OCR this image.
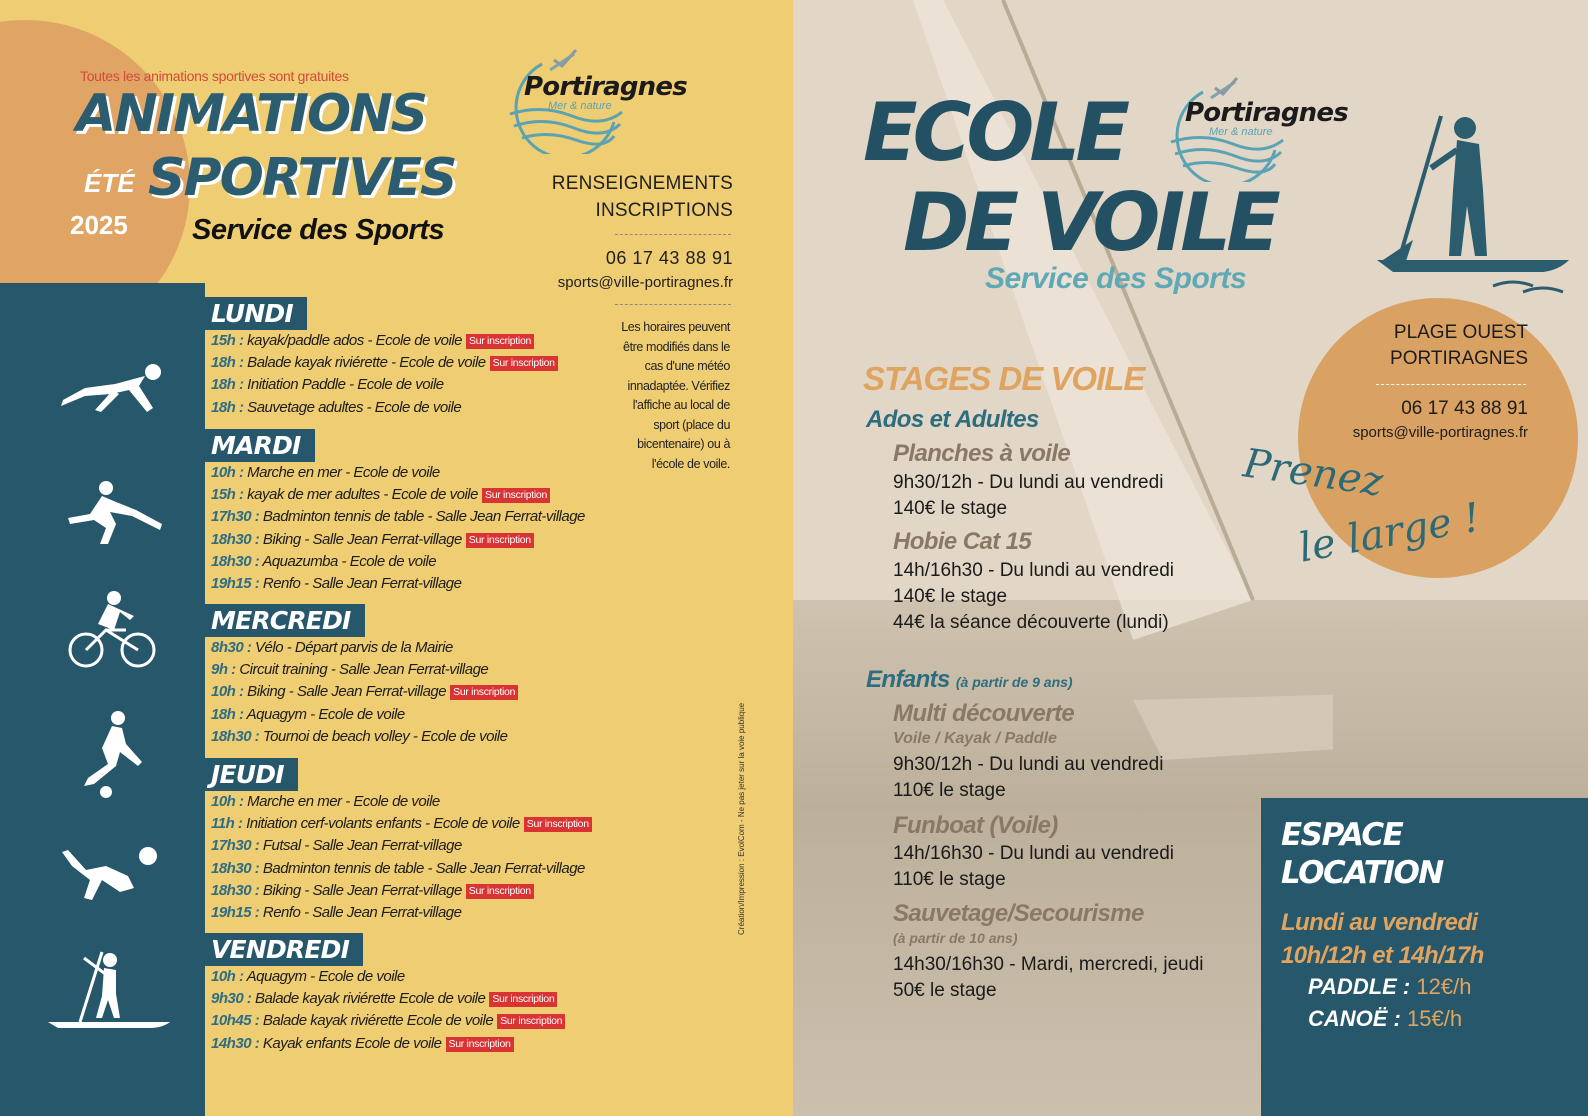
Toutes les animations sportives sont gratuites
ANIMATIONS
ÉTÉ SPORTIVES
2025 Service des Sports
Portiragnes
Mer & nature
RENSEIGNEMENTS
INSCRIPTIONS
06 17 43 88 91
sports@ville-portiragnes.fr
Les horaires peuvent être modifiés dans le cas d'une météo innadaptée. Vérifiez l'affiche au local de sport (place du bicentenaire) ou à l'école de voile.
Création/Impression : EvolCom - Ne pas jeter sur la voie publique
LUNDI
15h : kayak/paddle ados - Ecole de voile Sur inscription
18h : Balade kayak riviérette - Ecole de voile Sur inscription
18h : Initiation Paddle - Ecole de voile
18h : Sauvetage adultes - Ecole de voile
MARDI
10h : Marche en mer - Ecole de voile
15h : kayak de mer adultes - Ecole de voile Sur inscription
17h30 : Badminton tennis de table - Salle Jean Ferrat-village
18h30 : Biking - Salle Jean Ferrat-village Sur inscription
18h30 : Aquazumba - Ecole de voile
19h15 : Renfo - Salle Jean Ferrat-village
MERCREDI
8h30 : Vélo - Départ parvis de la Mairie
9h : Circuit training - Salle Jean Ferrat-village
10h : Biking - Salle Jean Ferrat-village Sur inscription
18h : Aquagym - Ecole de voile
18h30 : Tournoi de beach volley - Ecole de voile
JEUDI
10h : Marche en mer - Ecole de voile
11h : Initiation cerf-volants enfants - Ecole de voile Sur inscription
17h30 : Futsal - Salle Jean Ferrat-village
18h30 : Badminton tennis de table - Salle Jean Ferrat-village
18h30 : Biking - Salle Jean Ferrat-village Sur inscription
19h15 : Renfo - Salle Jean Ferrat-village
VENDREDI
10h : Aquagym - Ecole de voile
9h30 : Balade kayak riviérette Ecole de voile Sur inscription
10h45 : Balade kayak riviérette Ecole de voile Sur inscription
14h30 : Kayak enfants Ecole de voile Sur inscription
ECOLE
DE VOILE
Service des Sports
Portiragnes
Mer & nature
PLAGE OUEST
PORTIRAGNES
06 17 43 88 91
sports@ville-portiragnes.fr
Prenez
le large !
STAGES DE VOILE
Ados et Adultes
Planches à voile
9h30/12h - Du lundi au vendredi
140€ le stage
Hobie Cat 15
14h/16h30 - Du lundi au vendredi
140€ le stage
44€ la séance découverte (lundi)
Enfants (à partir de 9 ans)
Multi découverte
Voile / Kayak / Paddle
9h30/12h - Du lundi au vendredi
110€ le stage
Funboat (Voile)
14h/16h30 - Du lundi au vendredi
110€ le stage
Sauvetage/Secourisme
(à partir de 10 ans)
14h30/16h30 - Mardi, mercredi, jeudi
50€ le stage
ESPACE
LOCATION
Lundi au vendredi
10h/12h et 14h/17h
PADDLE : 12€/h
CANOË : 15€/h
